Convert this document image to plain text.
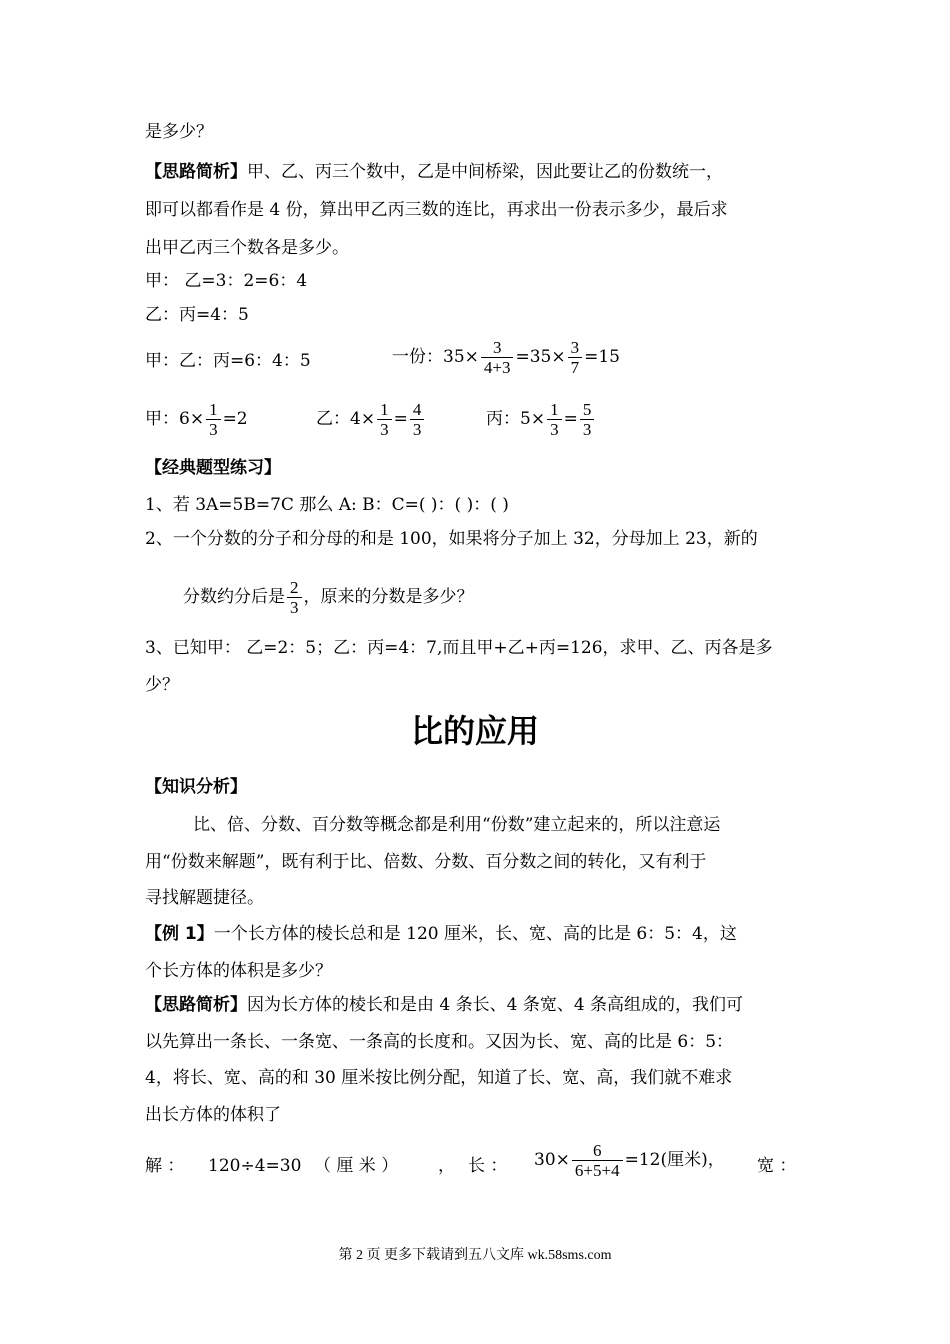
是多少？
【思路简析】甲、乙、丙三个数中，乙是中间桥梁，因此要让乙的份数统一，
即可以都看作是 4 份，算出甲乙丙三数的连比，再求出一份表示多少，最后求
出甲乙丙三个数各是多少。
甲： 乙=3：2=6：4
乙：丙=4：5
甲：乙：丙=6：4：5	一份：$35\times \frac{3}{4+3} =35\times \frac{3}{7} =15$
甲：$6\times \frac{1}{3} =2$	乙：$4\times \frac{1}{3} = \frac{4}{3}$	丙：$5\times \frac{1}{3} = \frac{5}{3}$
【经典题型练习】
1、若 3A=5B=7C 那么 A: B：C=( )：( )：( )
2、一个分数的分子和分母的和是 100，如果将分子加上 32，分母加上 23，新的
分数约分后是 $\frac{2}{3}$ ，原来的分数是多少？
3、已知甲： 乙=2：5；乙：丙=4：7,而且甲+乙+丙=126，求甲、乙、丙各是多
少？
比的应用
【知识分析】
比、倍、分数、百分数等概念都是利用“份数”建立起来的，所以注意运
用“份数来解题”，既有利于比、倍数、分数、百分数之间的转化，又有利于
寻找解题捷径。
【例 1】一个长方体的棱长总和是 120 厘米，长、宽、高的比是 6：5：4，这
个长方体的体积是多少？
【思路简析】因为长方体的棱长和是由 4 条长、4 条宽、4 条高组成的，我们可
以先算出一条长、一条宽、一条高的长度和。又因为长、宽、高的比是 6：5：
4，将长、宽、高的和 30 厘米按比例分配，知道了长、宽、高，我们就不难求
出长方体的体积了
解 ： 120÷4=30 （ 厘 米 ） ， 长 ： $30\times \frac{6}{6+5+4} =12$(厘米)， 宽 ：
第 2 页 更多下载请到五八文库 wk.58sms.com
